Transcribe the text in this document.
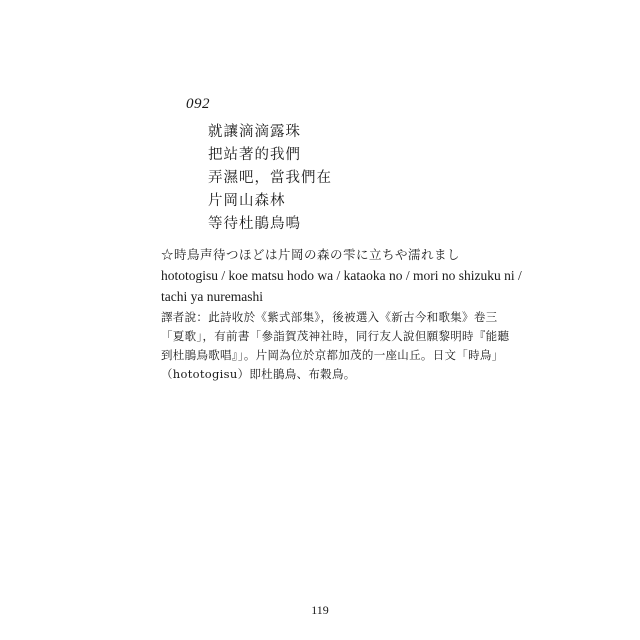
092
就讓滴滴露珠
把站著的我們
弄濕吧，當我們在
片岡山森林
等待杜鵑鳥鳴
☆時鳥声待つほどは片岡の森の雫に立ちや濡れまし
hototogisu / koe matsu hodo wa / kataoka no / mori no shizuku ni /
tachi ya nuremashi
譯者說：此詩收於《紫式部集》，後被選入《新古今和歌集》卷三
「夏歌」，有前書「參詣賀茂神社時，同行友人說但願黎明時『能聽
到杜鵑鳥歌唱』」。片岡為位於京都加茂的一座山丘。日文「時鳥」
（hototogisu）即杜鵑鳥、布穀鳥。
119
